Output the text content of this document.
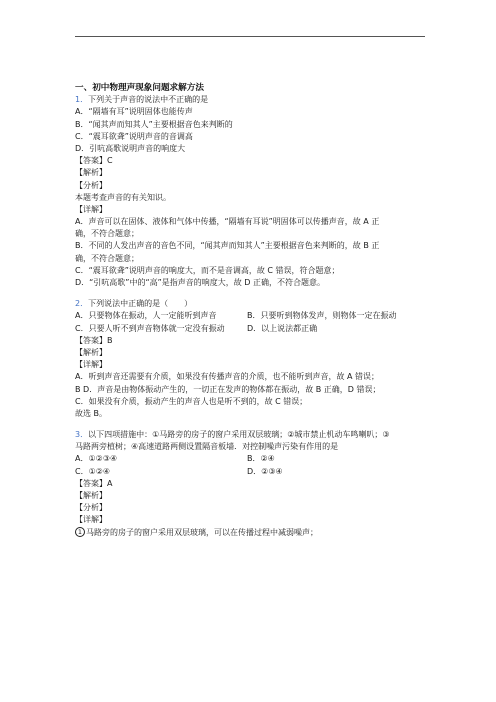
一、初中物理声现象问题求解方法
1．下列关于声音的说法中不正确的是
A．“隔墙有耳”说明固体也能传声
B．“闻其声而知其人”主要根据音色来判断的
C．“震耳欲聋”说明声音的音调高
D．引吭高歌说明声音的响度大
【答案】C
【解析】
【分析】
本题考查声音的有关知识。
【详解】
A．声音可以在固体、液体和气体中传播，“隔墙有耳说”明固体可以传播声音，故 A 正
确，不符合题意；
B．不同的人发出声音的音色不同，“闻其声而知其人”主要根据音色来判断的，故 B 正
确，不符合题意；
C．“震耳欲聋”说明声音的响度大，而不是音调高，故 C 错误，符合题意；
D．“引吭高歌”中的“高”是指声音的响度大，故 D 正确，不符合题意。
2．下列说法中正确的是（　　）
A．只要物体在振动，人一定能听到声音	B．只要听到物体发声，则物体一定在振动
C．只要人听不到声音物体就一定没有振动	D．以上说法都正确
【答案】B
【解析】
【详解】
A．听到声音还需要有介质，如果没有传播声音的介质，也不能听到声音，故 A 错误；
B D．声音是由物体振动产生的，一切正在发声的物体都在振动，故 B 正确，D 错误；
C．如果没有介质，振动产生的声音人也是听不到的，故 C 错误；
故选 B。
3．以下四项措施中：①马路旁的房子的窗户采用双层玻璃；②城市禁止机动车鸣喇叭；③
马路两旁植树；④高速道路两侧设置隔音板墙．对控制噪声污染有作用的是
A．①②③④	B．②④
C．①②④	D．②③④
【答案】A
【解析】
【分析】
【详解】
1 马路旁的房子的窗户采用双层玻璃，可以在传播过程中减弱噪声；
